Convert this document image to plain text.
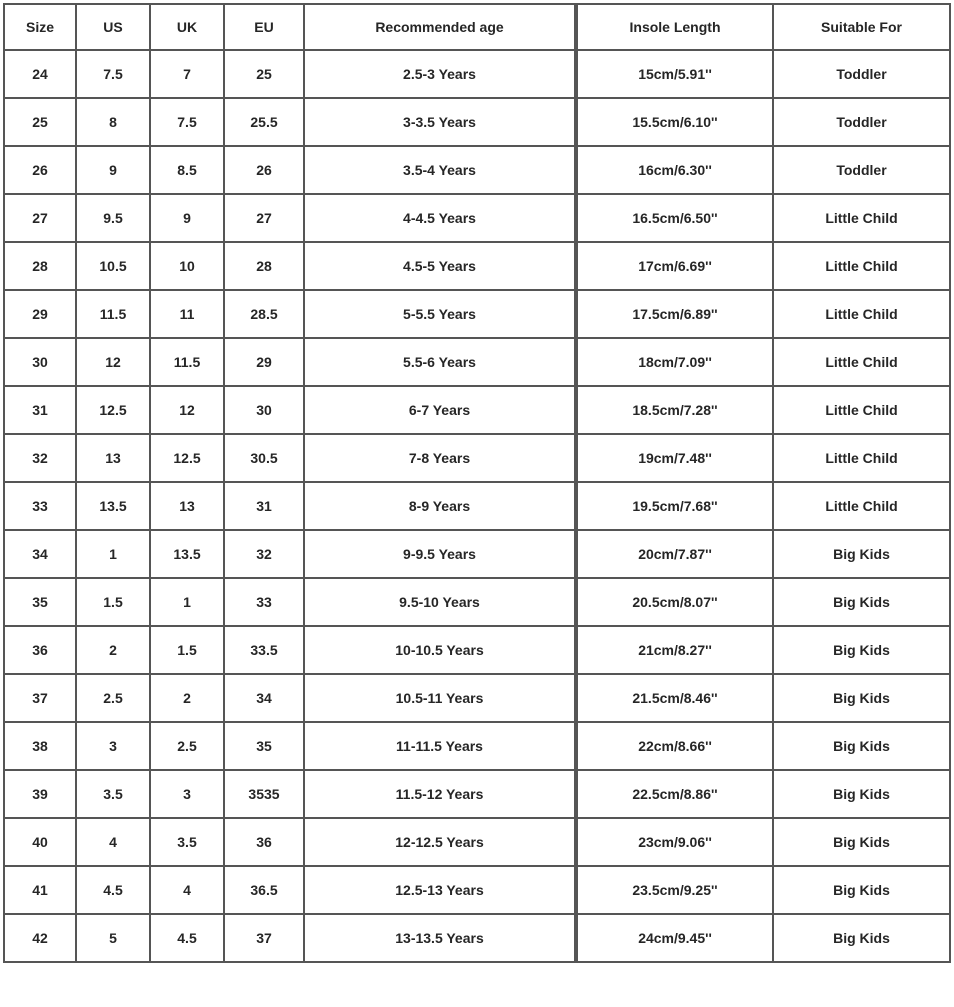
Size	US	UK	EU	Recommended age	Insole Length	Suitable For
24	7.5	7	25	2.5-3 Years	15cm/5.91''	Toddler
25	8	7.5	25.5	3-3.5 Years	15.5cm/6.10''	Toddler
26	9	8.5	26	3.5-4 Years	16cm/6.30''	Toddler
27	9.5	9	27	4-4.5 Years	16.5cm/6.50''	Little Child
28	10.5	10	28	4.5-5 Years	17cm/6.69''	Little Child
29	11.5	11	28.5	5-5.5 Years	17.5cm/6.89''	Little Child
30	12	11.5	29	5.5-6 Years	18cm/7.09''	Little Child
31	12.5	12	30	6-7 Years	18.5cm/7.28''	Little Child
32	13	12.5	30.5	7-8 Years	19cm/7.48''	Little Child
33	13.5	13	31	8-9 Years	19.5cm/7.68''	Little Child
34	1	13.5	32	9-9.5 Years	20cm/7.87''	Big Kids
35	1.5	1	33	9.5-10 Years	20.5cm/8.07''	Big Kids
36	2	1.5	33.5	10-10.5 Years	21cm/8.27''	Big Kids
37	2.5	2	34	10.5-11 Years	21.5cm/8.46''	Big Kids
38	3	2.5	35	11-11.5 Years	22cm/8.66''	Big Kids
39	3.5	3	3535	11.5-12 Years	22.5cm/8.86''	Big Kids
40	4	3.5	36	12-12.5 Years	23cm/9.06''	Big Kids
41	4.5	4	36.5	12.5-13 Years	23.5cm/9.25''	Big Kids
42	5	4.5	37	13-13.5 Years	24cm/9.45''	Big Kids
